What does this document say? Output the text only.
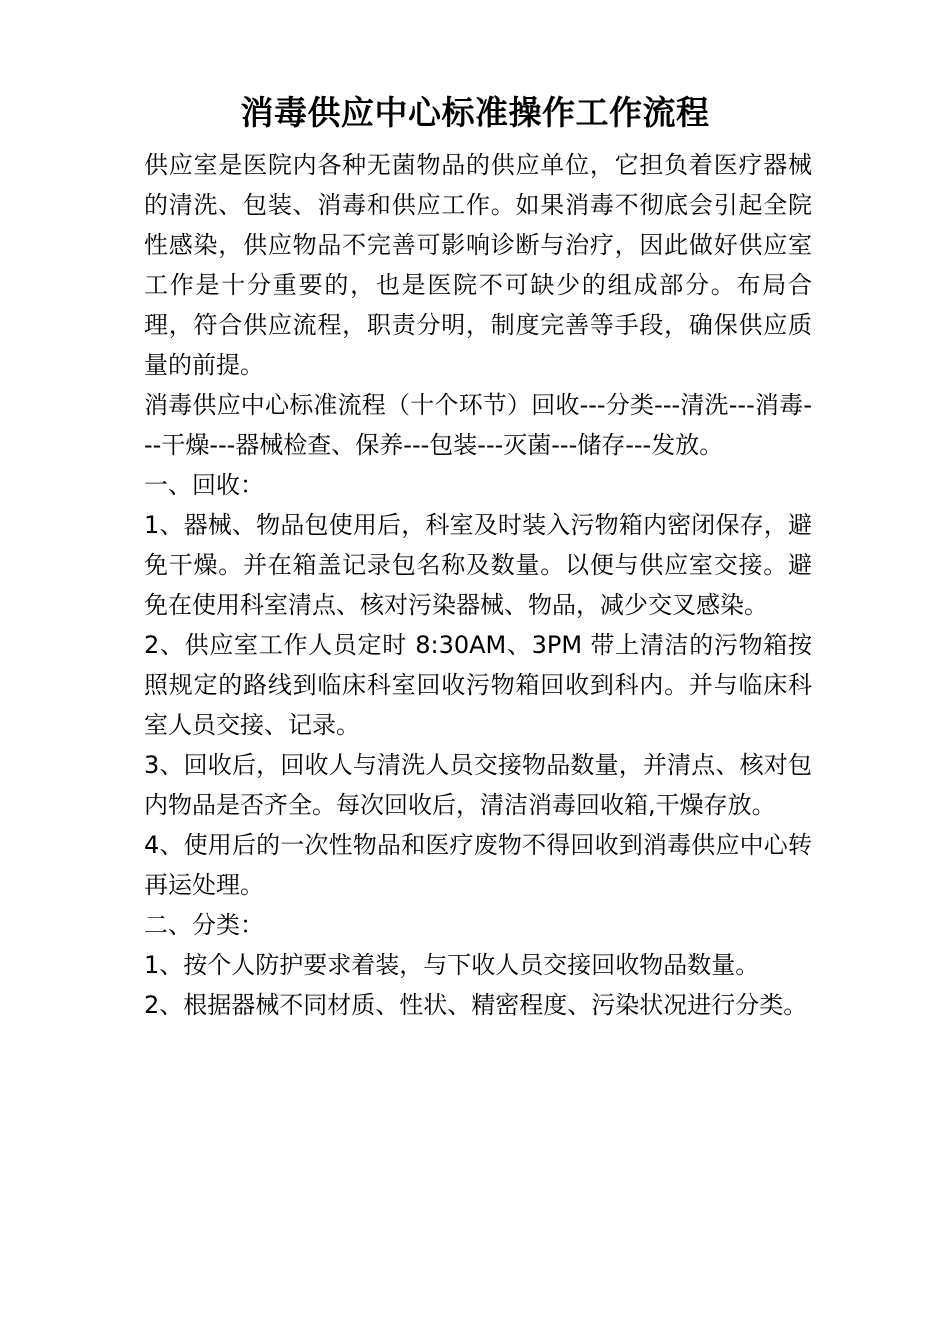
消毒供应中心标准操作工作流程

供应室是医院内各种无菌物品的供应单位，它担负着医疗器械的清洗、包装、消毒和供应工作。如果消毒不彻底会引起全院性感染，供应物品不完善可影响诊断与治疗，因此做好供应室工作是十分重要的，也是医院不可缺少的组成部分。布局合理，符合供应流程，职责分明，制度完善等手段，确保供应质量的前提。

消毒供应中心标准流程（十个环节）回收---分类---清洗---消毒---干燥---器械检查、保养---包装---灭菌---储存---发放。

一、回收：

1、器械、物品包使用后，科室及时装入污物箱内密闭保存，避免干燥。并在箱盖记录包名称及数量。以便与供应室交接。避免在使用科室清点、核对污染器械、物品，减少交叉感染。

2、供应室工作人员定时 8:30AM、3PM 带上清洁的污物箱按照规定的路线到临床科室回收污物箱回收到科内。并与临床科室人员交接、记录。

3、回收后，回收人与清洗人员交接物品数量，并清点、核对包内物品是否齐全。每次回收后，清洁消毒回收箱,干燥存放。

4、使用后的一次性物品和医疗废物不得回收到消毒供应中心转再运处理。

二、分类：

1、按个人防护要求着装，与下收人员交接回收物品数量。

2、根据器械不同材质、性状、精密程度、污染状况进行分类。
